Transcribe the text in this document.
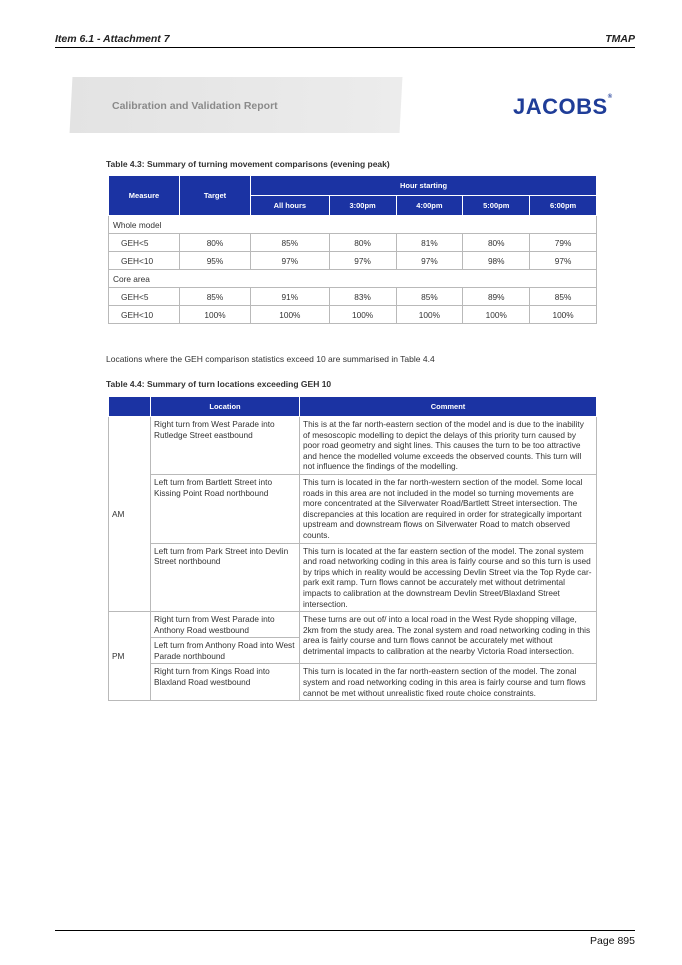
Item 6.1 - Attachment 7	TMAP
Calibration and Validation Report	JACOBS®
Table 4.3: Summary of turning movement comparisons (evening peak)
Measure	Target	Hour starting				
		All hours	3:00pm	4:00pm	5:00pm	6:00pm
Whole model						
GEH<5	80%	85%	80%	81%	80%	79%
GEH<10	95%	97%	97%	97%	98%	97%
Core area						
GEH<5	85%	91%	83%	85%	89%	85%
GEH<10	100%	100%	100%	100%	100%	100%
Locations where the GEH comparison statistics exceed 10 are summarised in Table 4.4
Table 4.4: Summary of turn locations exceeding GEH 10
	Location	Comment
AM	Right turn from West Parade into Rutledge Street eastbound	This is at the far north-eastern section of the model and is due to the inability of mesoscopic modelling to depict the delays of this priority turn caused by poor road geometry and sight lines. This causes the turn to be too attractive and hence the modelled volume exceeds the observed counts. This turn will not influence the findings of the modelling.
	Left turn from Bartlett Street into Kissing Point Road northbound	This turn is located in the far north-western section of the model. Some local roads in this area are not included in the model so turning movements are more concentrated at the Silverwater Road/Bartlett Street intersection. The discrepancies at this location are required in order for strategically important upstream and downstream flows on Silverwater Road to match observed counts.
	Left turn from Park Street into Devlin Street northbound	This turn is located at the far eastern section of the model. The zonal system and road networking coding in this area is fairly course and so this turn is used by trips which in reality would be accessing Devlin Street via the Top Ryde car-park exit ramp. Turn flows cannot be accurately met without detrimental impacts to calibration at the downstream Devlin Street/Blaxland Street intersection.
PM	Right turn from West Parade into Anthony Road westbound	These turns are out of/ into a local road in the West Ryde shopping village, 2km from the study area. The zonal system and road networking coding in this area is fairly course and turn flows cannot be accurately met without detrimental impacts to calibration at the nearby Victoria Road intersection.
	Left turn from Anthony Road into West Parade northbound	
	Right turn from Kings Road into Blaxland Road westbound	This turn is located in the far north-eastern section of the model. The zonal system and road networking coding in this area is fairly course and turn flows cannot be met without unrealistic fixed route choice constraints.
Page 895
